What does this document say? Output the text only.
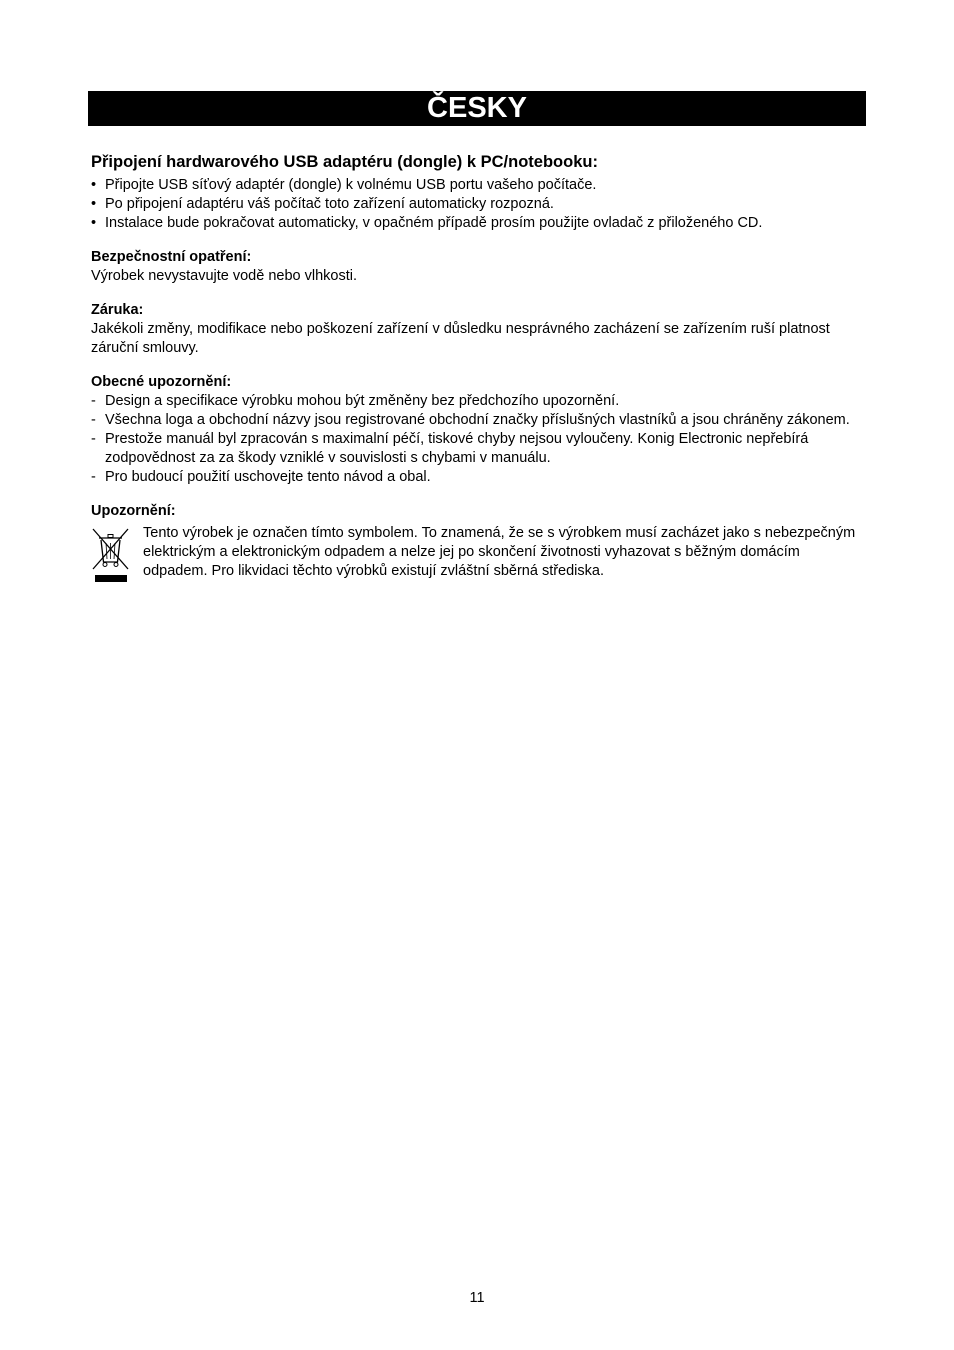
ČESKY
Připojení hardwarového USB adaptéru (dongle) k PC/notebooku:
• Připojte USB síťový adaptér (dongle) k volnému USB portu vašeho počítače.
• Po připojení adaptéru váš počítač toto zařízení automaticky rozpozná.
• Instalace bude pokračovat automaticky, v opačném případě prosím použijte ovladač z přiloženého CD.
Bezpečnostní opatření:

Výrobek nevystavujte vodě nebo vlhkosti.

Záruka:

Jakékoli změny, modifikace nebo poškození zařízení v důsledku nesprávného zacházení se zařízením ruší platnost záruční smlouvy.

Obecné upozornění:
- Design a specifikace výrobku mohou být změněny bez předchozího upozornění.
- Všechna loga a obchodní názvy jsou registrované obchodní značky příslušných vlastníků a jsou chráněny zákonem.
- Prestože manuál byl zpracován s maximalní péčí, tiskové chyby nejsou vyloučeny. Konig Electronic nepřebírá zodpovědnost za za škody vzniklé v souvislosti s chybami v manuálu.
- Pro budoucí použití uschovejte tento návod a obal.
Upozornění:

Tento výrobek je označen tímto symbolem. To znamená, že se s výrobkem musí zacházet jako s nebezpečným elektrickým a elektronickým odpadem a nelze jej po skončení životnosti vyhazovat s běžným domácím odpadem. Pro likvidaci těchto výrobků existují zvláštní sběrná střediska.

11
